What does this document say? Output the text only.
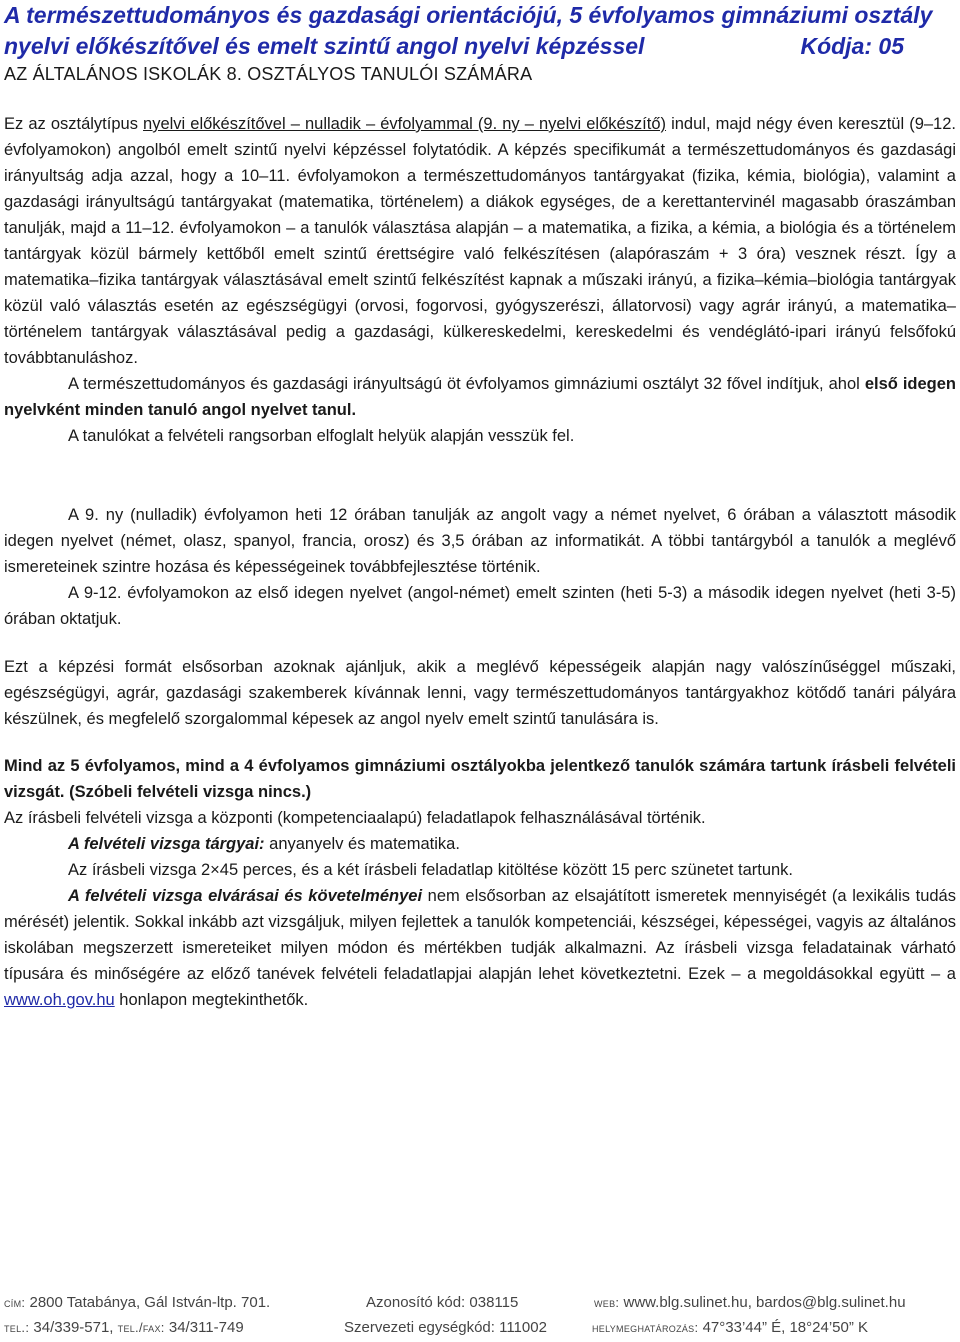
A természettudományos és gazdasági orientációjú, 5 évfolyamos gimnáziumi osztály
nyelvi előkészítővel és emelt szintű angol nyelvi képzéssel	Kódja: 05
AZ ÁLTALÁNOS ISKOLÁK 8. OSZTÁLYOS TANULÓI SZÁMÁRA

Ez az osztálytípus nyelvi előkészítővel – nulladik – évfolyammal (9. ny – nyelvi előkészítő) indul, majd négy éven keresztül (9–12. évfolyamokon) angolból emelt szintű nyelvi képzéssel folytatódik. A képzés specifikumát a természettudományos és gazdasági irányultság adja azzal, hogy a 10–11. évfolyamokon a természettudományos tantárgyakat (fizika, kémia, biológia), valamint a gazdasági irányultságú tantárgyakat (matematika, történelem) a diákok egységes, de a kerettantervinél magasabb óraszámban tanulják, majd a 11–12. évfolyamokon – a tanulók választása alapján – a matematika, a fizika, a kémia, a biológia és a történelem tantárgyak közül bármely kettőből emelt szintű érettségire való felkészítésen (alapóraszám + 3 óra) vesznek részt. Így a matematika–fizika tantárgyak választásával emelt szintű felkészítést kapnak a műszaki irányú, a fizika–kémia–biológia tantárgyak közül való választás esetén az egészségügyi (orvosi, fogorvosi, gyógyszerészi, állatorvosi) vagy agrár irányú, a matematika–történelem tantárgyak választásával pedig a gazdasági, külkereskedelmi, kereskedelmi és vendéglátó-ipari irányú felsőfokú továbbtanuláshoz.

A természettudományos és gazdasági irányultságú öt évfolyamos gimnáziumi osztályt 32 fővel indítjuk, ahol első idegen nyelvként minden tanuló angol nyelvet tanul.

A tanulókat a felvételi rangsorban elfoglalt helyük alapján vesszük fel.

A 9. ny (nulladik) évfolyamon heti 12 órában tanulják az angolt vagy a német nyelvet, 6 órában a választott második idegen nyelvet (német, olasz, spanyol, francia, orosz) és 3,5 órában az informatikát. A többi tantárgyból a tanulók a meglévő ismereteinek szintre hozása és képességeinek továbbfejlesztése történik.

A 9-12. évfolyamokon az első idegen nyelvet (angol-német) emelt szinten (heti 5-3) a második idegen nyelvet (heti 3-5) órában oktatjuk.

Ezt a képzési formát elsősorban azoknak ajánljuk, akik a meglévő képességeik alapján nagy valószínűséggel műszaki, egészségügyi, agrár, gazdasági szakemberek kívánnak lenni, vagy természettudományos tantárgyakhoz kötődő tanári pályára készülnek, és megfelelő szorgalommal képesek az angol nyelv emelt szintű tanulására is.

Mind az 5 évfolyamos, mind a 4 évfolyamos gimnáziumi osztályokba jelentkező tanulók számára tartunk írásbeli felvételi vizsgát. (Szóbeli felvételi vizsga nincs.)

Az írásbeli felvételi vizsga a központi (kompetenciaalapú) feladatlapok felhasználásával történik.

A felvételi vizsga tárgyai: anyanyelv és matematika.

Az írásbeli vizsga 2×45 perces, és a két írásbeli feladatlap kitöltése között 15 perc szünetet tartunk.

A felvételi vizsga elvárásai és követelményei nem elsősorban az elsajátított ismeretek mennyiségét (a lexikális tudás mérését) jelentik. Sokkal inkább azt vizsgáljuk, milyen fejlettek a tanulók kompetenciái, készségei, képességei, vagyis az általános iskolában megszerzett ismereteiket milyen módon és mértékben tudják alkalmazni. Az írásbeli vizsga feladatainak várható típusára és minőségére az előző tanévek felvételi feladatlapjai alapján lehet következtetni. Ezek – a megoldásokkal együtt – a www.oh.gov.hu honlapon megtekinthetők.

cím: 2800 Tatabánya, Gál István-ltp. 701.	Azonosító kód: 038115	web: www.blg.sulinet.hu, bardos@blg.sulinet.hu
tel.: 34/339-571, tel./fax: 34/311-749	Szervezeti egységkód: 111002	helymeghatározás: 47°33’44” É, 18°24’50” K
